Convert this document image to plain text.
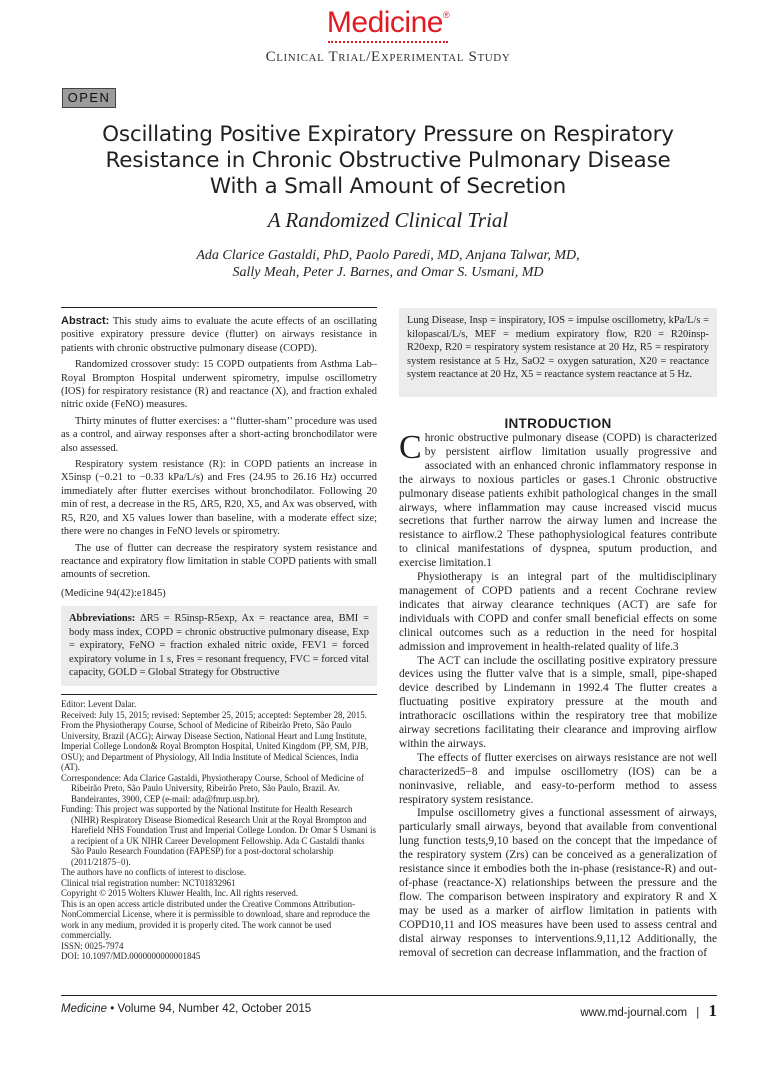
Medicine®
Clinical Trial/Experimental Study
OPEN
Oscillating Positive Expiratory Pressure on Respiratory
Resistance in Chronic Obstructive Pulmonary Disease
With a Small Amount of Secretion
A Randomized Clinical Trial
Ada Clarice Gastaldi, PhD, Paolo Paredi, MD, Anjana Talwar, MD,
Sally Meah, Peter J. Barnes, and Omar S. Usmani, MD

Abstract: This study aims to evaluate the acute effects of an oscillating positive expiratory pressure device (flutter) on airways resistance in patients with chronic obstructive pulmonary disease (COPD).

Randomized crossover study: 15 COPD outpatients from Asthma Lab–Royal Brompton Hospital underwent spirometry, impulse oscillometry (IOS) for respiratory resistance (R) and reactance (X), and fraction exhaled nitric oxide (FeNO) measures.

Thirty minutes of flutter exercises: a ‘‘flutter-sham’’ procedure was used as a control, and airway responses after a short-acting bronchodilator were also assessed.

Respiratory system resistance (R): in COPD patients an increase in X5insp (−0.21 to −0.33 kPa/L/s) and Fres (24.95 to 26.16 Hz) occurred immediately after flutter exercises without bronchodilator. Following 20 min of rest, a decrease in the R5, ΔR5, R20, X5, and Ax was observed, with R5, R20, and X5 values lower than baseline, with a moderate effect size; there were no changes in FeNO levels or spirometry.

The use of flutter can decrease the respiratory system resistance and reactance and expiratory flow limitation in stable COPD patients with small amounts of secretion.

(Medicine 94(42):e1845)
Abbreviations: ΔR5 = R5insp-R5exp, Ax = reactance area, BMI = body mass index, COPD = chronic obstructive pulmonary disease, Exp = expiratory, FeNO = fraction exhaled nitric oxide, FEV1 = forced expiratory volume in 1 s, Fres = resonant frequency, FVC = forced vital capacity, GOLD = Global Strategy for Obstructive
Editor: Levent Dalar.
Received: July 15, 2015; revised: September 25, 2015; accepted: September 28, 2015.
From the Physiotherapy Course, School of Medicine of Ribeirão Preto, São Paulo University, Brazil (ACG); Airway Disease Section, National Heart and Lung Institute, Imperial College London& Royal Brompton Hospital, United Kingdom (PP, SM, PJB, OSU); and Department of Physiology, All India Institute of Medical Sciences, India (AT).
Correspondence: Ada Clarice Gastaldi, Physiotherapy Course, School of Medicine of Ribeirão Preto, São Paulo University, Ribeirão Preto, São Paulo, Brazil. Av. Bandeirantes, 3900, CEP (e-mail: ada@fmrp.usp.br).
Funding: This project was supported by the National Institute for Health Research (NIHR) Respiratory Disease Biomedical Research Unit at the Royal Brompton and Harefield NHS Foundation Trust and Imperial College London. Dr Omar S Usmani is a recipient of a UK NIHR Career Development Fellowship. Ada C Gastaldi thanks São Paulo Research Foundation (FAPESP) for a post-doctoral scholarship (2011/21875−0).
The authors have no conflicts of interest to disclose.
Clinical trial registration number: NCT01832961
Copyright © 2015 Wolters Kluwer Health, Inc. All rights reserved.
This is an open access article distributed under the Creative Commons Attribution- NonCommercial License, where it is permissible to download, share and reproduce the work in any medium, provided it is properly cited. The work cannot be used commercially.
ISSN: 0025-7974
DOI: 10.1097/MD.0000000000001845
Lung Disease, Insp = inspiratory, IOS = impulse oscillometry, kPa/L/s = kilopascal/L/s, MEF = medium expiratory flow, R20 = R20insp-R20exp, R20 = respiratory system resistance at 20 Hz, R5 = respiratory system resistance at 5 Hz, SaO2 = oxygen saturation, X20 = reactance system reactance at 20 Hz, X5 = reactance system reactance at 5 Hz.
INTRODUCTION

Chronic obstructive pulmonary disease (COPD) is characterized by persistent airflow limitation usually progressive and associated with an enhanced chronic inflammatory response in the airways to noxious particles or gases.1 Chronic obstructive pulmonary disease patients exhibit pathological changes in the small airways, where inflammation may cause increased viscid mucus secretions that further narrow the airway lumen and increase the resistance to airflow.2 These pathophysiological features contribute to clinical manifestations of dyspnea, sputum production, and exercise limitation.1

Physiotherapy is an integral part of the multidisciplinary management of COPD patients and a recent Cochrane review indicates that airway clearance techniques (ACT) are safe for individuals with COPD and confer small beneficial effects on some clinical outcomes such as a reduction in the need for hospital admission and improvement in health-related quality of life.3

The ACT can include the oscillating positive expiratory pressure devices using the flutter valve that is a simple, small, pipe-shaped device described by Lindemann in 1992.4 The flutter creates a fluctuating positive expiratory pressure at the mouth and intrathoracic oscillations within the respiratory tree that mobilize airway secretions facilitating their clearance and improving airflow within the airways.

The effects of flutter exercises on airways resistance are not well characterized5−8 and impulse oscillometry (IOS) can be a noninvasive, reliable, and easy-to-perform method to assess respiratory system resistance.

Impulse oscillometry gives a functional assessment of airways, particularly small airways, beyond that available from conventional lung function tests,9,10 based on the concept that the impedance of the respiratory system (Zrs) can be conceived as a generalization of resistance since it embodies both the in-phase (resistance-R) and out-of-phase (reactance-X) relationships between the pressure and the flow. The comparison between inspiratory and expiratory R and X may be used as a marker of airflow limitation in patients with COPD10,11 and IOS measures have been used to assess central and distal airway responses to interventions.9,11,12 Additionally, the removal of secretion can decrease inflammation, and the fraction of

Medicine • Volume 94, Number 42, October 2015	www.md-journal.com | 1
